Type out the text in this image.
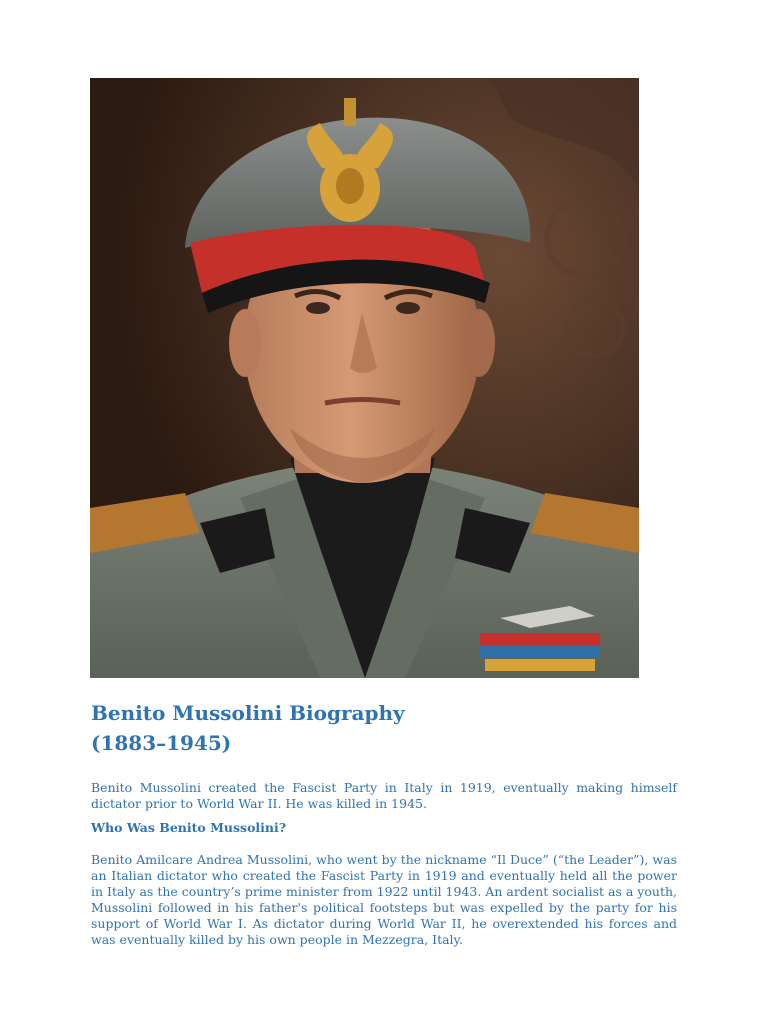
Benito Mussolini Biography
(1883–1945)

Benito Mussolini created the Fascist Party in Italy in 1919, eventually making himself dictator prior to World War II. He was killed in 1945.

Who Was Benito Mussolini?

Benito Amilcare Andrea Mussolini, who went by the nickname “Il Duce” (“the Leader”), was an Italian dictator who created the Fascist Party in 1919 and eventually held all the power in Italy as the country’s prime minister from 1922 until 1943. An ardent socialist as a youth, Mussolini followed in his father's political footsteps but was expelled by the party for his support of World War I. As dictator during World War II, he overextended his forces and was eventually killed by his own people in Mezzegra, Italy.
